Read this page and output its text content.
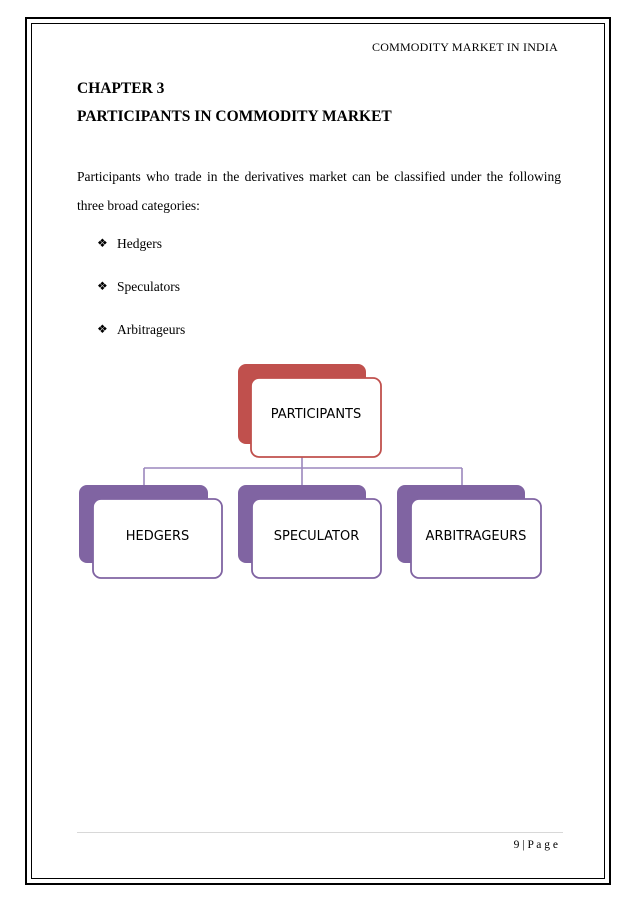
COMMODITY MARKET IN INDIA
CHAPTER 3
PARTICIPANTS IN COMMODITY MARKET
Participants who trade in the derivatives market can be classified under the following three broad categories:
❖ Hedgers
❖ Speculators
❖ Arbitrageurs
PARTICIPANTS
HEDGERS	SPECULATOR	ARBITRAGEURS
9 | P a g e
